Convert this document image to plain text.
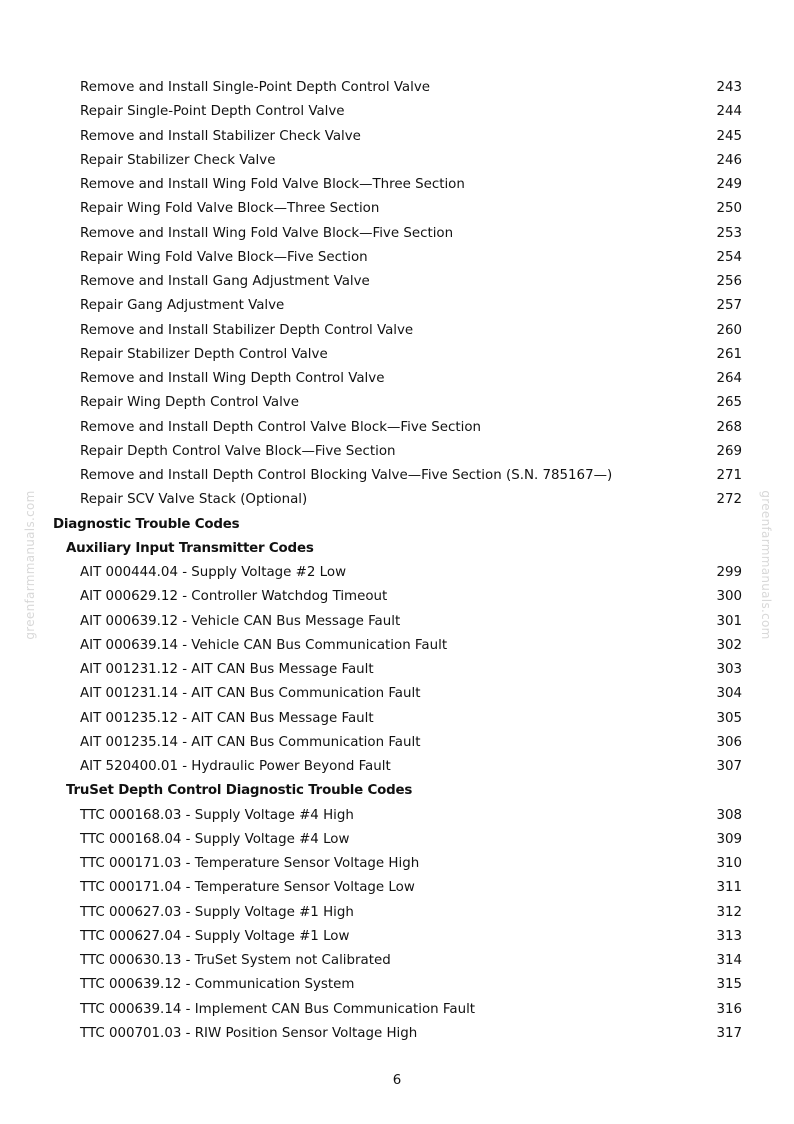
Remove and Install Single-Point Depth Control Valve	243
Repair Single-Point Depth Control Valve	244
Remove and Install Stabilizer Check Valve	245
Repair Stabilizer Check Valve	246
Remove and Install Wing Fold Valve Block—Three Section	249
Repair Wing Fold Valve Block—Three Section	250
Remove and Install Wing Fold Valve Block—Five Section	253
Repair Wing Fold Valve Block—Five Section	254
Remove and Install Gang Adjustment Valve	256
Repair Gang Adjustment Valve	257
Remove and Install Stabilizer Depth Control Valve	260
Repair Stabilizer Depth Control Valve	261
Remove and Install Wing Depth Control Valve	264
Repair Wing Depth Control Valve	265
Remove and Install Depth Control Valve Block—Five Section	268
Repair Depth Control Valve Block—Five Section	269
Remove and Install Depth Control Blocking Valve—Five Section (S.N. 785167—)	271
Repair SCV Valve Stack (Optional)	272
Diagnostic Trouble Codes
Auxiliary Input Transmitter Codes
AIT 000444.04 - Supply Voltage #2 Low	299
AIT 000629.12 - Controller Watchdog Timeout	300
AIT 000639.12 - Vehicle CAN Bus Message Fault	301
AIT 000639.14 - Vehicle CAN Bus Communication Fault	302
AIT 001231.12 - AIT CAN Bus Message Fault	303
AIT 001231.14 - AIT CAN Bus Communication Fault	304
AIT 001235.12 - AIT CAN Bus Message Fault	305
AIT 001235.14 - AIT CAN Bus Communication Fault	306
AIT 520400.01 - Hydraulic Power Beyond Fault	307
TruSet Depth Control Diagnostic Trouble Codes
TTC 000168.03 - Supply Voltage #4 High	308
TTC 000168.04 - Supply Voltage #4 Low	309
TTC 000171.03 - Temperature Sensor Voltage High	310
TTC 000171.04 - Temperature Sensor Voltage Low	311
TTC 000627.03 - Supply Voltage #1 High	312
TTC 000627.04 - Supply Voltage #1 Low	313
TTC 000630.13 - TruSet System not Calibrated	314
TTC 000639.12 - Communication System	315
TTC 000639.14 - Implement CAN Bus Communication Fault	316
TTC 000701.03 - RIW Position Sensor Voltage High	317
greenfarmmanuals.com	greenfarmmanuals.com
6
